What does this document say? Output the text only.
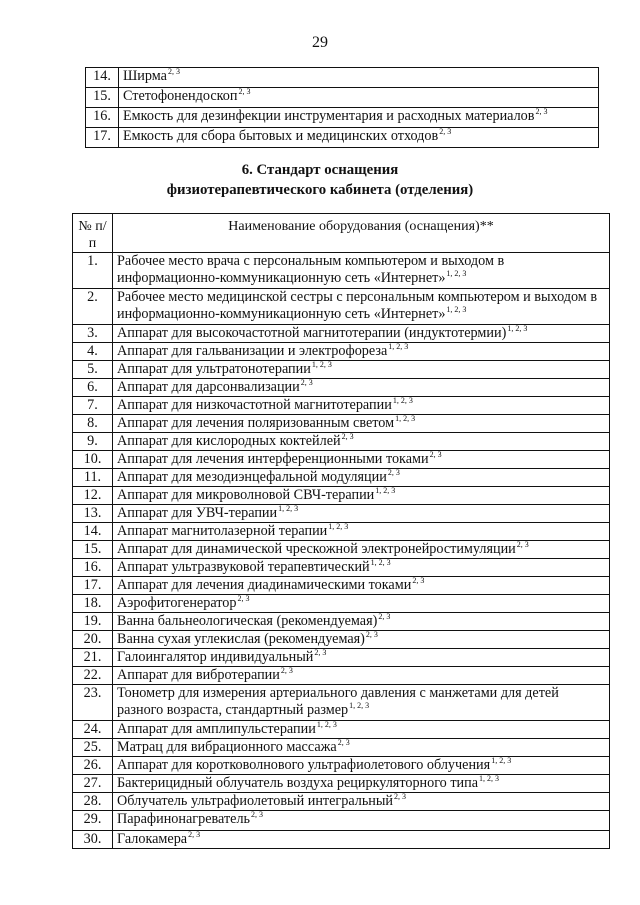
29
14.	Ширма$^{2, 3}$
15.	Стетофонендоскоп$^{2, 3}$
16.	Емкость для дезинфекции инструментария и расходных материалов$^{2, 3}$
17.	Емкость для сбора бытовых и медицинских отходов$^{2, 3}$
6. Стандарт оснащения
физиотерапевтического кабинета (отделения)
№ п/п	Наименование оборудования (оснащения)**
1.	Рабочее место врача с персональным компьютером и выходом в информационно-коммуникационную сеть «Интернет»$^{1, 2, 3}$
2.	Рабочее место медицинской сестры с персональным компьютером и выходом в информационно-коммуникационную сеть «Интернет»$^{1, 2, 3}$
3.	Аппарат для высокочастотной магнитотерапии (индуктотермии)$^{1, 2, 3}$
4.	Аппарат для гальванизации и электрофореза$^{1, 2, 3}$
5.	Аппарат для ультратонотерапии$^{1, 2, 3}$
6.	Аппарат для дарсонвализации$^{2, 3}$
7.	Аппарат для низкочастотной магнитотерапии$^{1, 2, 3}$
8.	Аппарат для лечения поляризованным светом$^{1, 2, 3}$
9.	Аппарат для кислородных коктейлей$^{2, 3}$
10.	Аппарат для лечения интерференционными токами$^{2, 3}$
11.	Аппарат для мезодиэнцефальной модуляции$^{2, 3}$
12.	Аппарат для микроволновой СВЧ-терапии$^{1, 2, 3}$
13.	Аппарат для УВЧ-терапии$^{1, 2, 3}$
14.	Аппарат магнитолазерной терапии$^{1, 2, 3}$
15.	Аппарат для динамической чрескожной электронейростимуляции$^{2, 3}$
16.	Аппарат ультразвуковой терапевтический$^{1, 2, 3}$
17.	Аппарат для лечения диадинамическими токами$^{2, 3}$
18.	Аэрофитогенератор$^{2, 3}$
19.	Ванна бальнеологическая (рекомендуемая)$^{2, 3}$
20.	Ванна сухая углекислая (рекомендуемая)$^{2, 3}$
21.	Галоингалятор индивидуальный$^{2, 3}$
22.	Аппарат для вибротерапии$^{2, 3}$
23.	Тонометр для измерения артериального давления с манжетами для детей разного возраста, стандартный размер$^{1, 2, 3}$
24.	Аппарат для амплипульстерапии$^{1, 2, 3}$
25.	Матрац для вибрационного массажа$^{2, 3}$
26.	Аппарат для коротковолнового ультрафиолетового облучения$^{1, 2, 3}$
27.	Бактерицидный облучатель воздуха рециркуляторного типа$^{1, 2, 3}$
28.	Облучатель ультрафиолетовый интегральный$^{2, 3}$
29.	Парафинонагреватель$^{2, 3}$
30.	Галокамера$^{2, 3}$
